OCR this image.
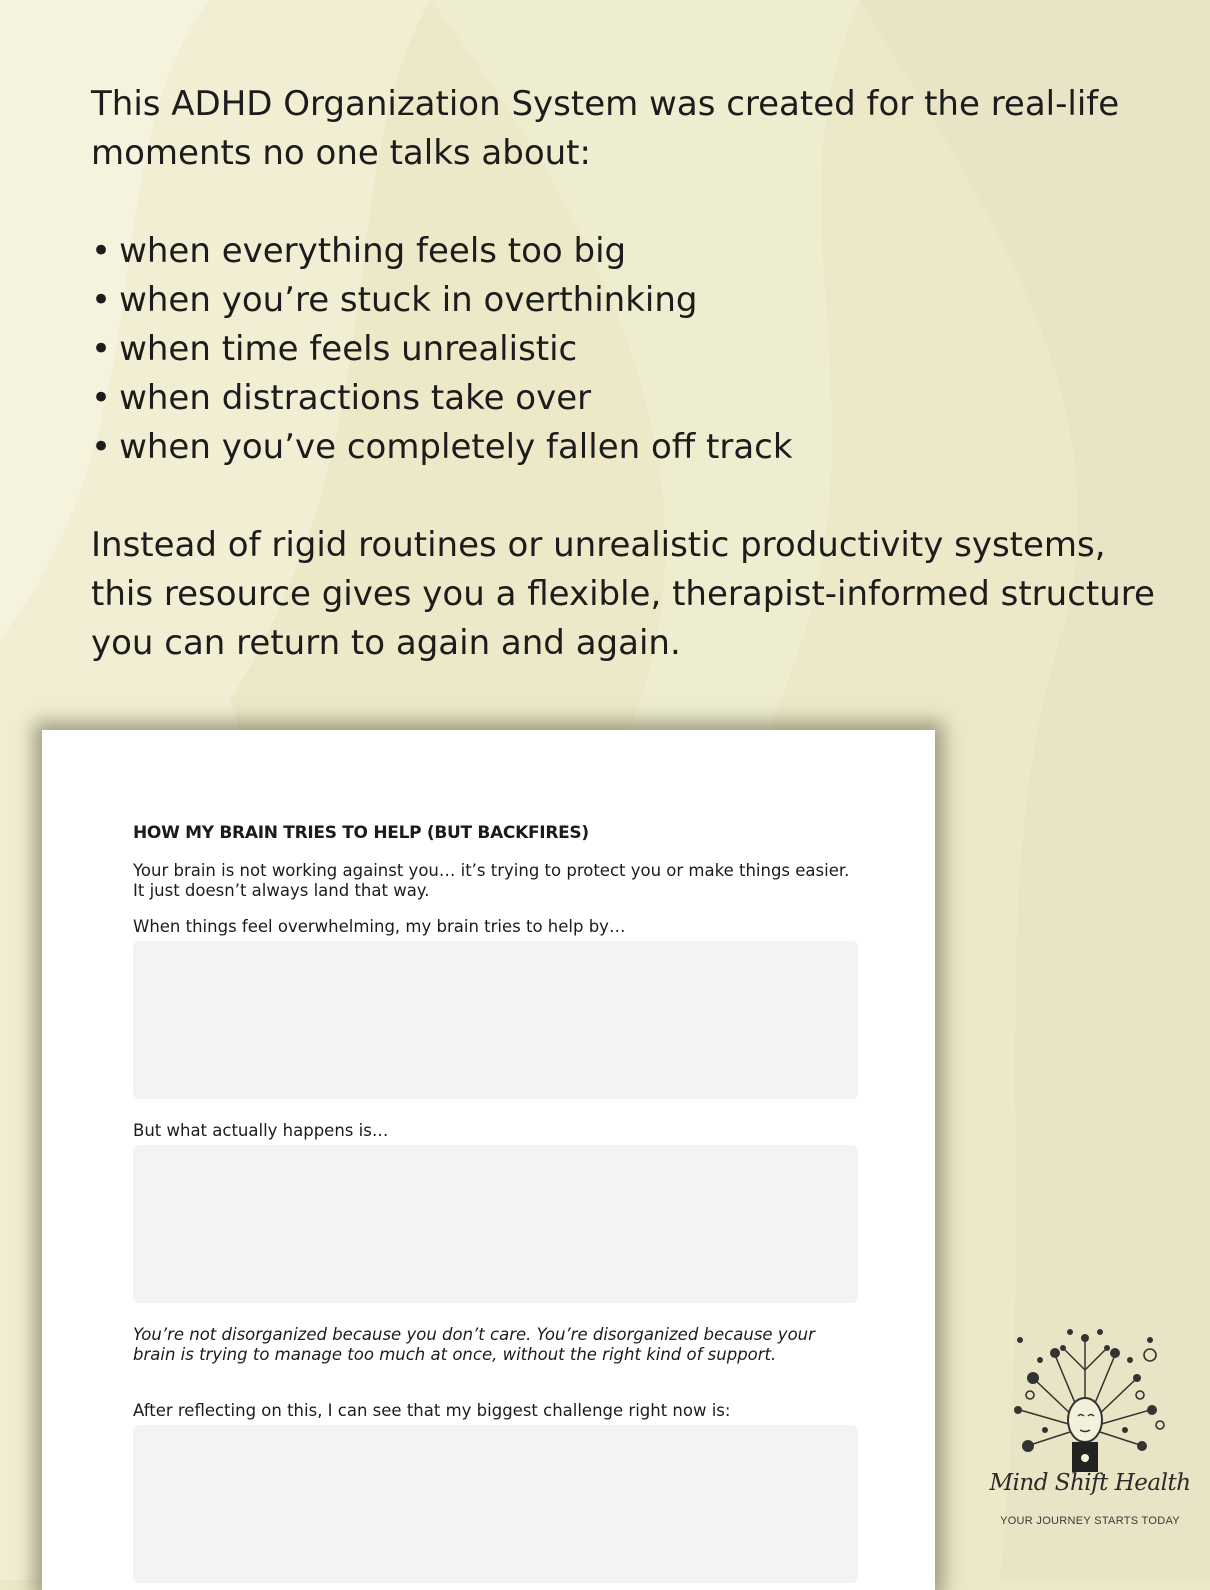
This ADHD Organization System was created for the real-life moments no one talks about:

• when everything feels too big
• when you’re stuck in overthinking
• when time feels unrealistic
• when distractions take over
• when you’ve completely fallen off track

Instead of rigid routines or unrealistic productivity systems, this resource gives you a flexible, therapist-informed structure you can return to again and again.

HOW MY BRAIN TRIES TO HELP (BUT BACKFIRES)
Your brain is not working against you… it’s trying to protect you or make things easier. It just doesn’t always land that way.
When things feel overwhelming, my brain tries to help by…
But what actually happens is…
You’re not disorganized because you don’t care. You’re disorganized because your brain is trying to manage too much at once, without the right kind of support.
After reflecting on this, I can see that my biggest challenge right now is:
Mind Shift Health
YOUR JOURNEY STARTS TODAY
